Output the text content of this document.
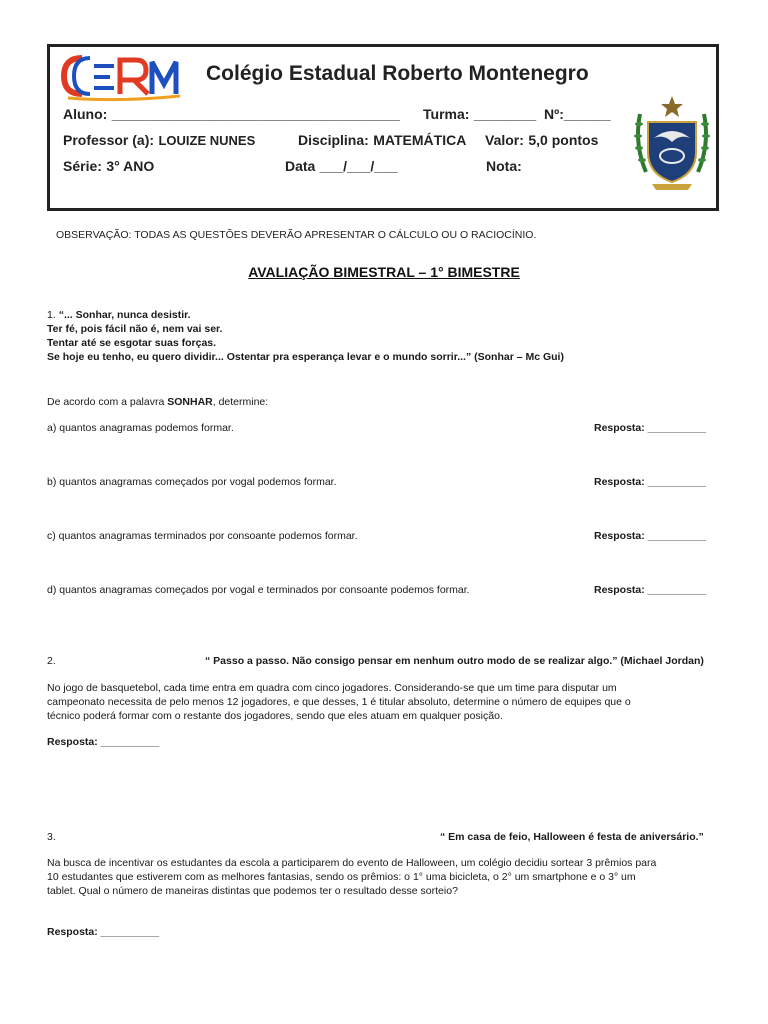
Colégio Estadual Roberto Montenegro
Aluno: _____________________________________ Turma: ________ Nº:______
Professor (a): LOUIZE NUNES	Disciplina: MATEMÁTICA Valor: 5,0 pontos
Série: 3° ANO	Data ___/___/___	Nota:
OBSERVAÇÃO: TODAS AS QUESTÕES DEVERÃO APRESENTAR O CÁLCULO OU O RACIOCÍNIO.
AVALIAÇÃO BIMESTRAL – 1° BIMESTRE
1. “... Sonhar, nunca desistir.
Ter fé, pois fácil não é, nem vai ser.
Tentar até se esgotar suas forças.
Se hoje eu tenho, eu quero dividir... Ostentar pra esperança levar e o mundo sorrir...” (Sonhar – Mc Gui)
De acordo com a palavra SONHAR, determine:
a) quantos anagramas podemos formar.	Resposta: __________
b) quantos anagramas começados por vogal podemos formar.	Resposta: __________
c) quantos anagramas terminados por consoante podemos formar.	Resposta: __________
d) quantos anagramas começados por vogal e terminados por consoante podemos formar.	Resposta: __________
2.	“ Passo a passo. Não consigo pensar em nenhum outro modo de se realizar algo.” (Michael Jordan)
No jogo de basquetebol, cada time entra em quadra com cinco jogadores. Considerando-se que um time para disputar um
campeonato necessita de pelo menos 12 jogadores, e que desses, 1 é titular absoluto, determine o número de equipes que o
técnico poderá formar com o restante dos jogadores, sendo que eles atuam em qualquer posição.
Resposta: __________
3.	“ Em casa de feio, Halloween é festa de aniversário.”
Na busca de incentivar os estudantes da escola a participarem do evento de Halloween, um colégio decidiu sortear 3 prêmios para
10 estudantes que estiverem com as melhores fantasias, sendo os prêmios: o 1° uma bicicleta, o 2° um smartphone e o 3° um
tablet. Qual o número de maneiras distintas que podemos ter o resultado desse sorteio?
Resposta: __________
